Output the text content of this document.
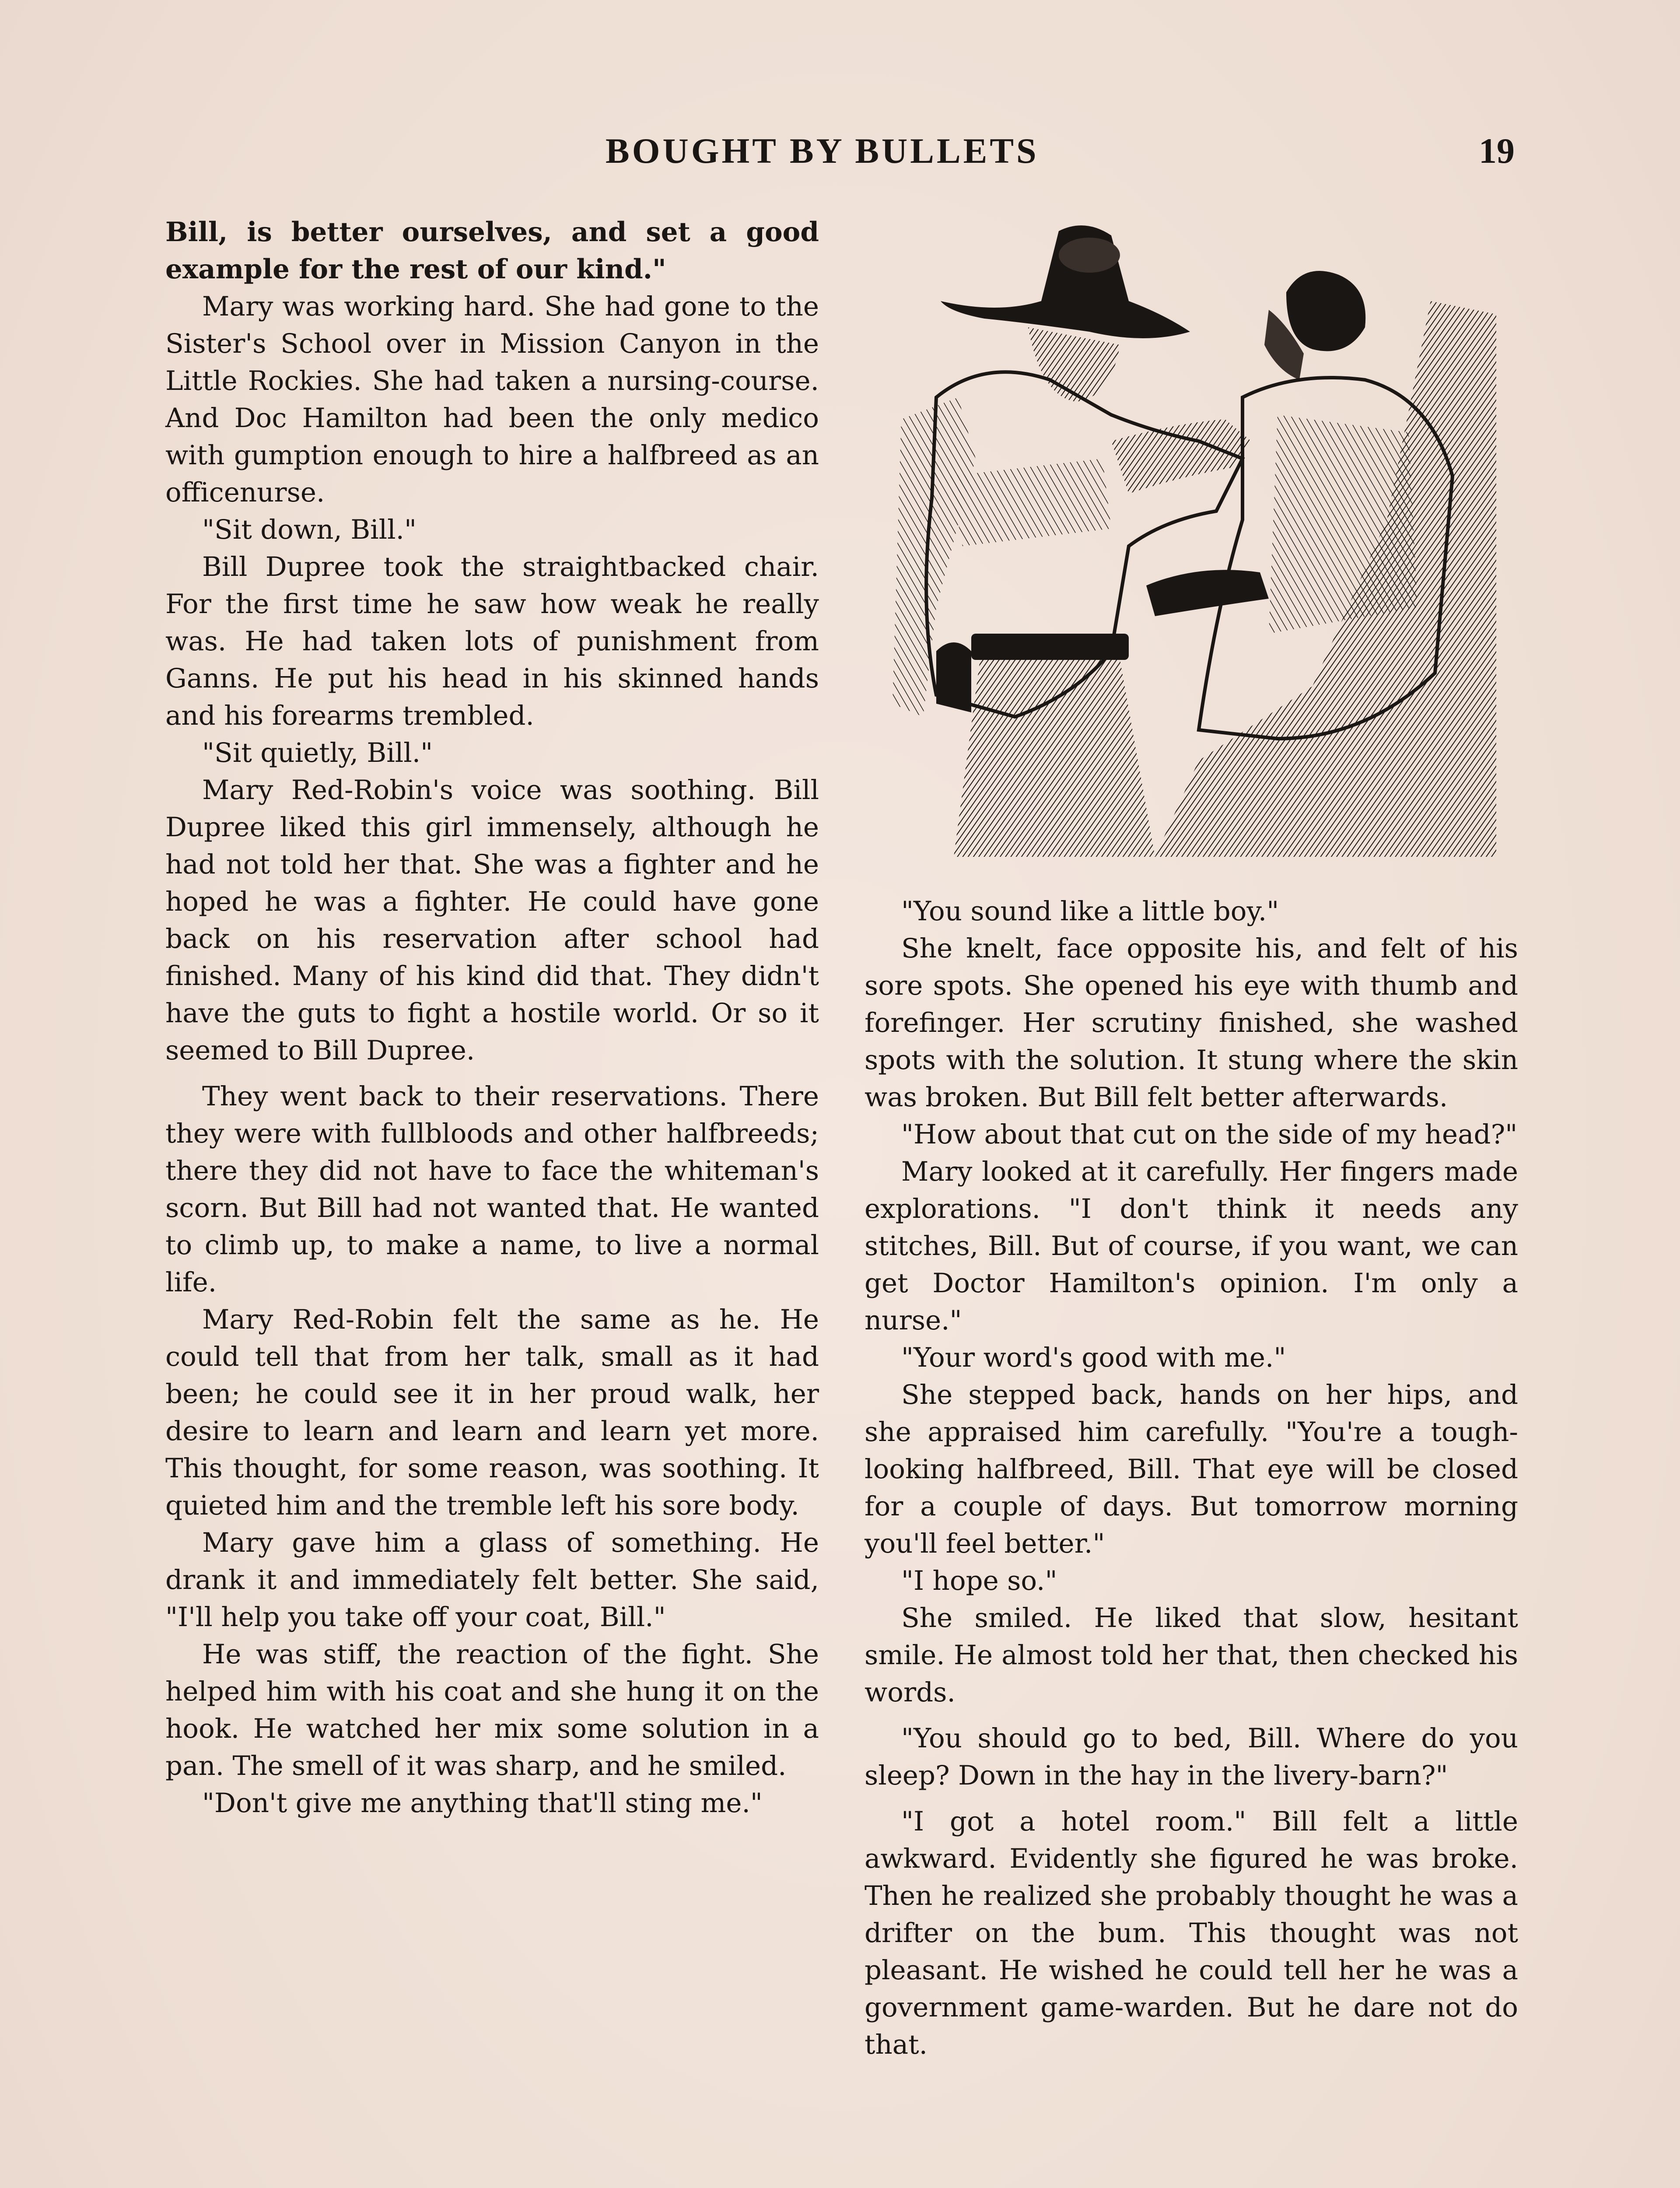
BOUGHT BY BULLETS	19

Bill, is better ourselves, and set a good example for the rest of our kind."

Mary was working hard. She had gone to the Sister's School over in Mission Canyon in the Little Rockies. She had taken a nursing-course. And Doc Hamilton had been the only medico with gumption enough to hire a halfbreed as an officenurse.

"Sit down, Bill."

Bill Dupree took the straightbacked chair. For the first time he saw how weak he really was. He had taken lots of punishment from Ganns. He put his head in his skinned hands and his forearms trembled.

"Sit quietly, Bill."

Mary Red-Robin's voice was soothing. Bill Dupree liked this girl immensely, although he had not told her that. She was a fighter and he hoped he was a fighter. He could have gone back on his reservation after school had finished. Many of his kind did that. They didn't have the guts to fight a hostile world. Or so it seemed to Bill Dupree.

They went back to their reservations. There they were with fullbloods and other halfbreeds; there they did not have to face the whiteman's scorn. But Bill had not wanted that. He wanted to climb up, to make a name, to live a normal life.

Mary Red-Robin felt the same as he. He could tell that from her talk, small as it had been; he could see it in her proud walk, her desire to learn and learn and learn yet more. This thought, for some reason, was soothing. It quieted him and the tremble left his sore body.

Mary gave him a glass of something. He drank it and immediately felt better. She said, "I'll help you take off your coat, Bill."

He was stiff, the reaction of the fight. She helped him with his coat and she hung it on the hook. He watched her mix some solution in a pan. The smell of it was sharp, and he smiled.

"Don't give me anything that'll sting me."

"You sound like a little boy."

She knelt, face opposite his, and felt of his sore spots. She opened his eye with thumb and forefinger. Her scrutiny finished, she washed spots with the solution. It stung where the skin was broken. But Bill felt better afterwards.

"How about that cut on the side of my head?"

Mary looked at it carefully. Her fingers made explorations. "I don't think it needs any stitches, Bill. But of course, if you want, we can get Doctor Hamilton's opinion. I'm only a nurse."

"Your word's good with me."

She stepped back, hands on her hips, and she appraised him carefully. "You're a tough-looking halfbreed, Bill. That eye will be closed for a couple of days. But tomorrow morning you'll feel better."

"I hope so."

She smiled. He liked that slow, hesitant smile. He almost told her that, then checked his words.

"You should go to bed, Bill. Where do you sleep? Down in the hay in the livery-barn?"

"I got a hotel room." Bill felt a little awkward. Evidently she figured he was broke. Then he realized she probably thought he was a drifter on the bum. This thought was not pleasant. He wished he could tell her he was a government game-warden. But he dare not do that.
